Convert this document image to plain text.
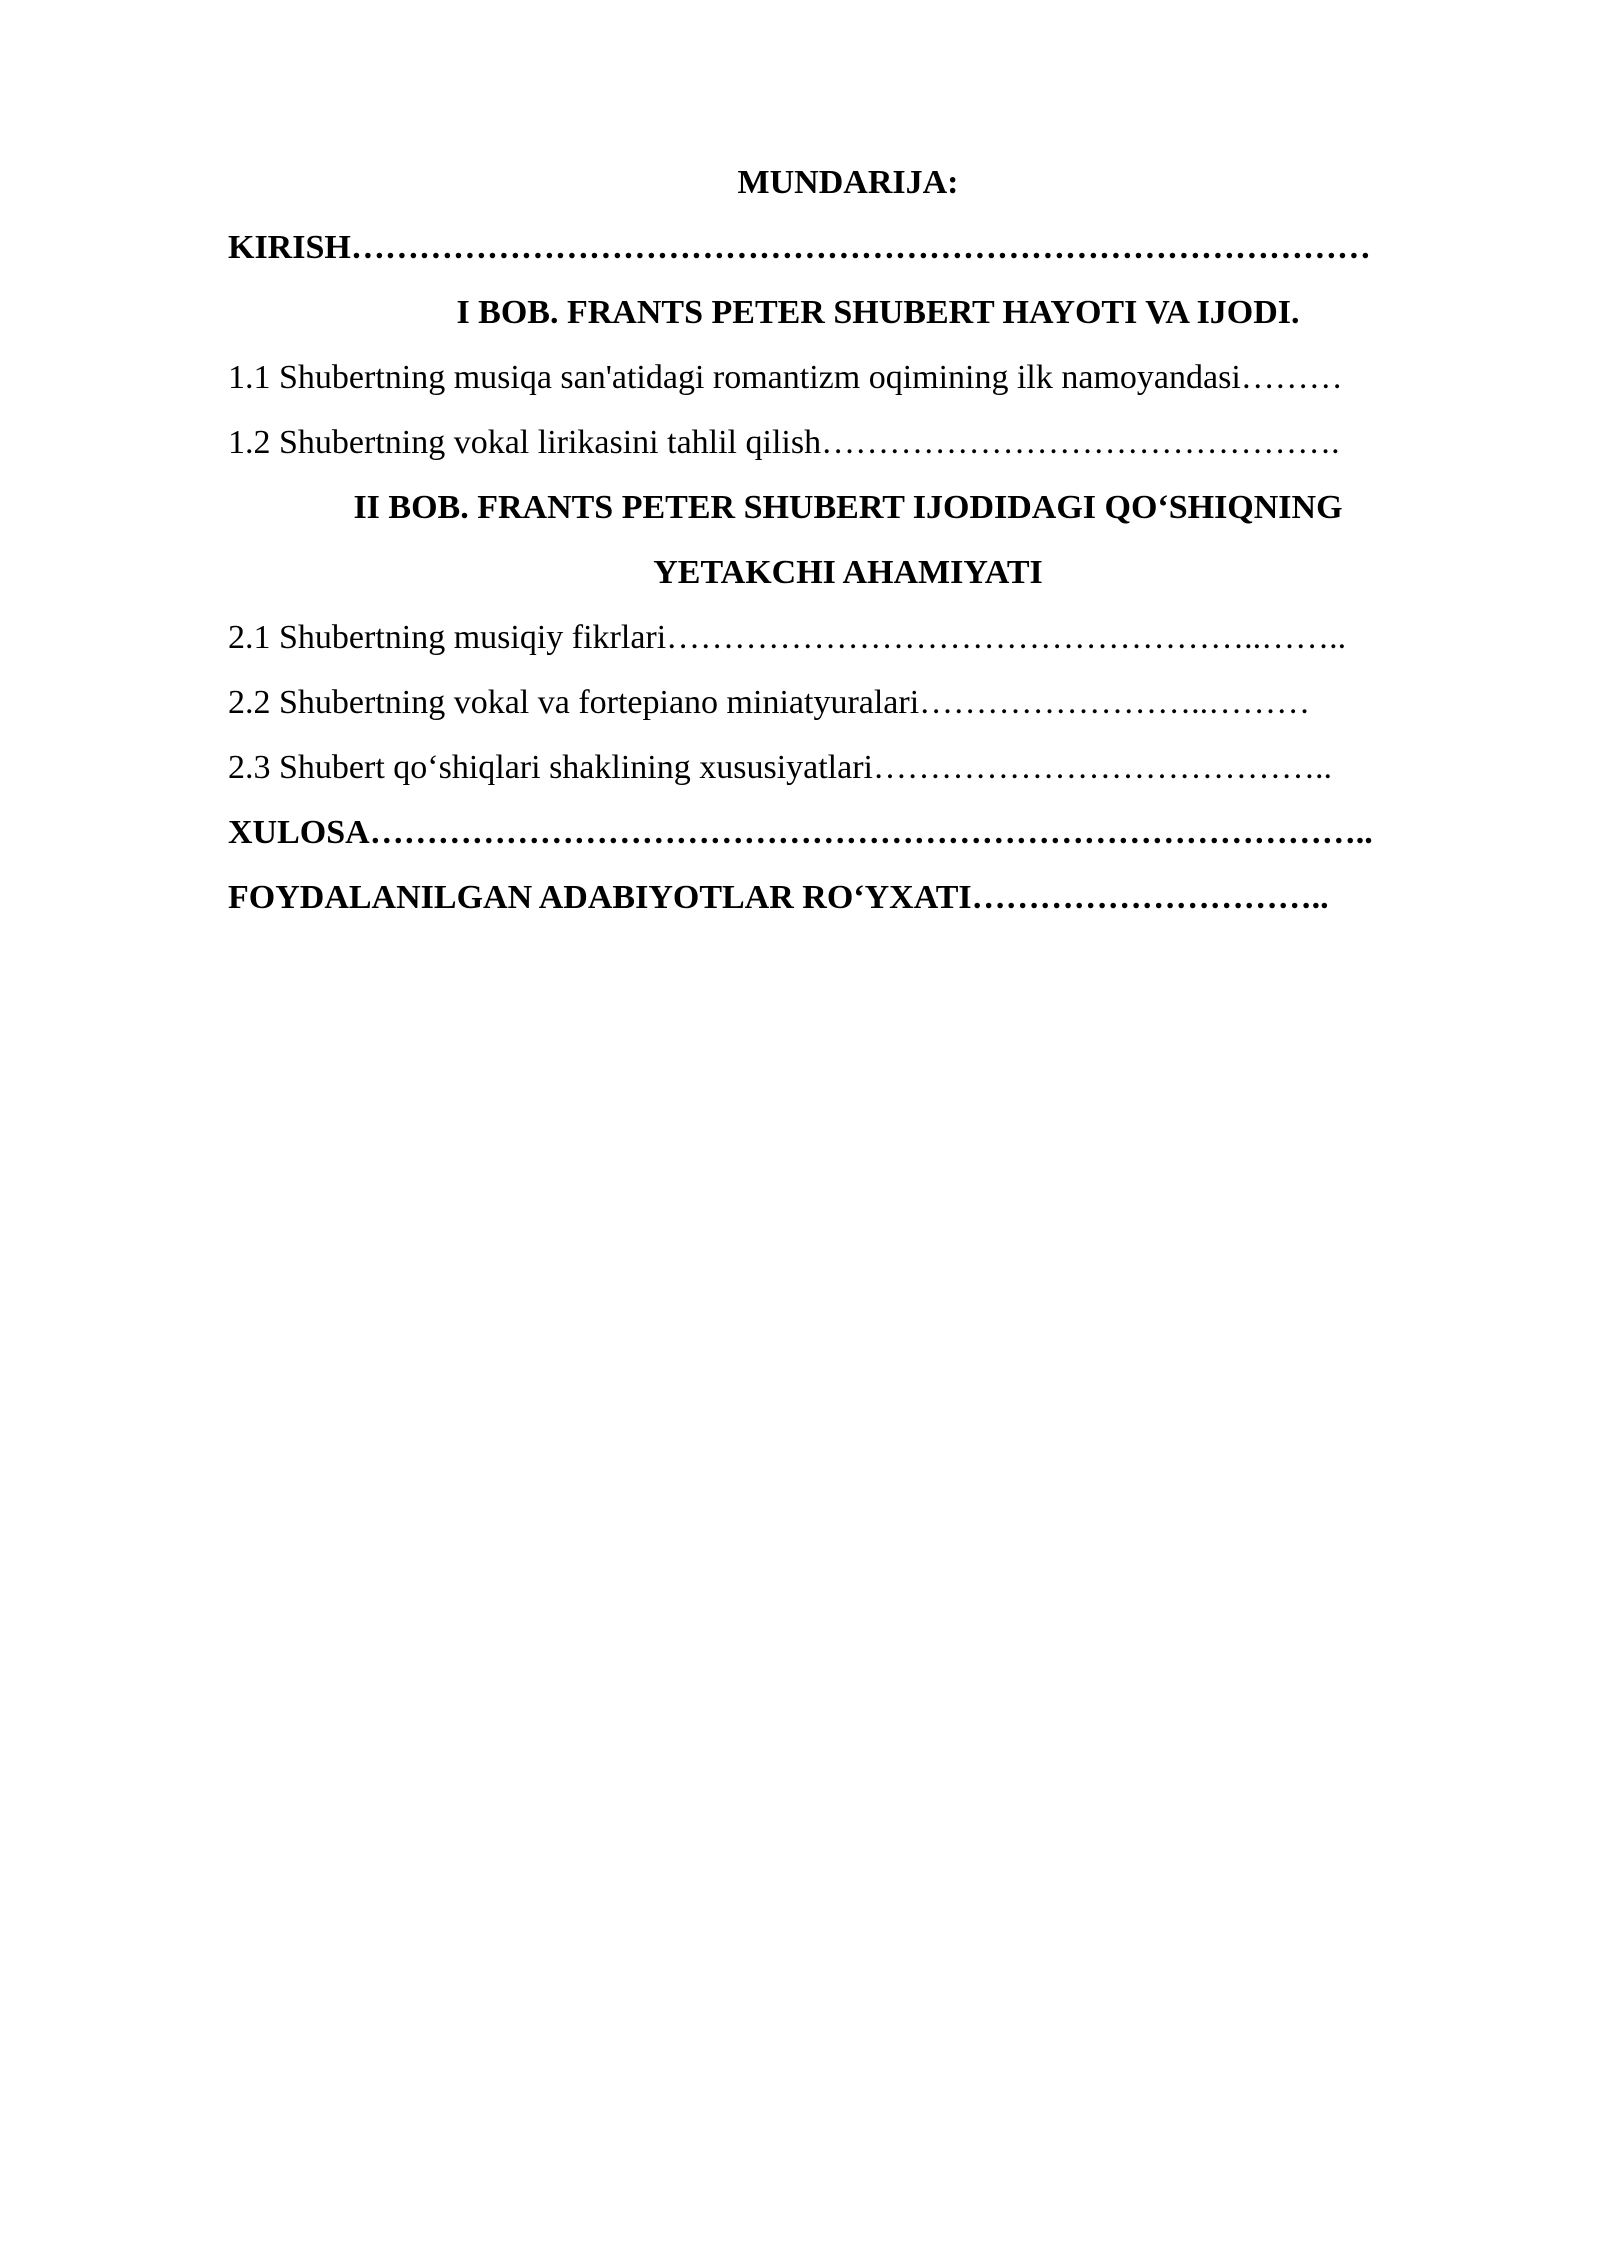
MUNDARIJA:
KIRISH………………………………………………………………………………
I BOB. FRANTS PETER SHUBERT HAYOTI VA IJODI.
1.1 Shubertning musiqa san'atidagi romantizm oqimining ilk namoyandasi………
1.2 Shubertning vokal lirikasini tahlil qilish……………………………………….
II BOB. FRANTS PETER SHUBERT IJODIDAGI QO‘SHIQNING
YETAKCHI AHAMIYATI
2.1 Shubertning musiqiy fikrlari……………………………………………..……..
2.2 Shubertning vokal va fortepiano miniatyuralari……………………..………
2.3 Shubert qo‘shiqlari shaklining xususiyatlari…………………………………..
XULOSA……………………………………………………………………………..
FOYDALANILGAN ADABIYOTLAR RO‘YXATI…………………………..
